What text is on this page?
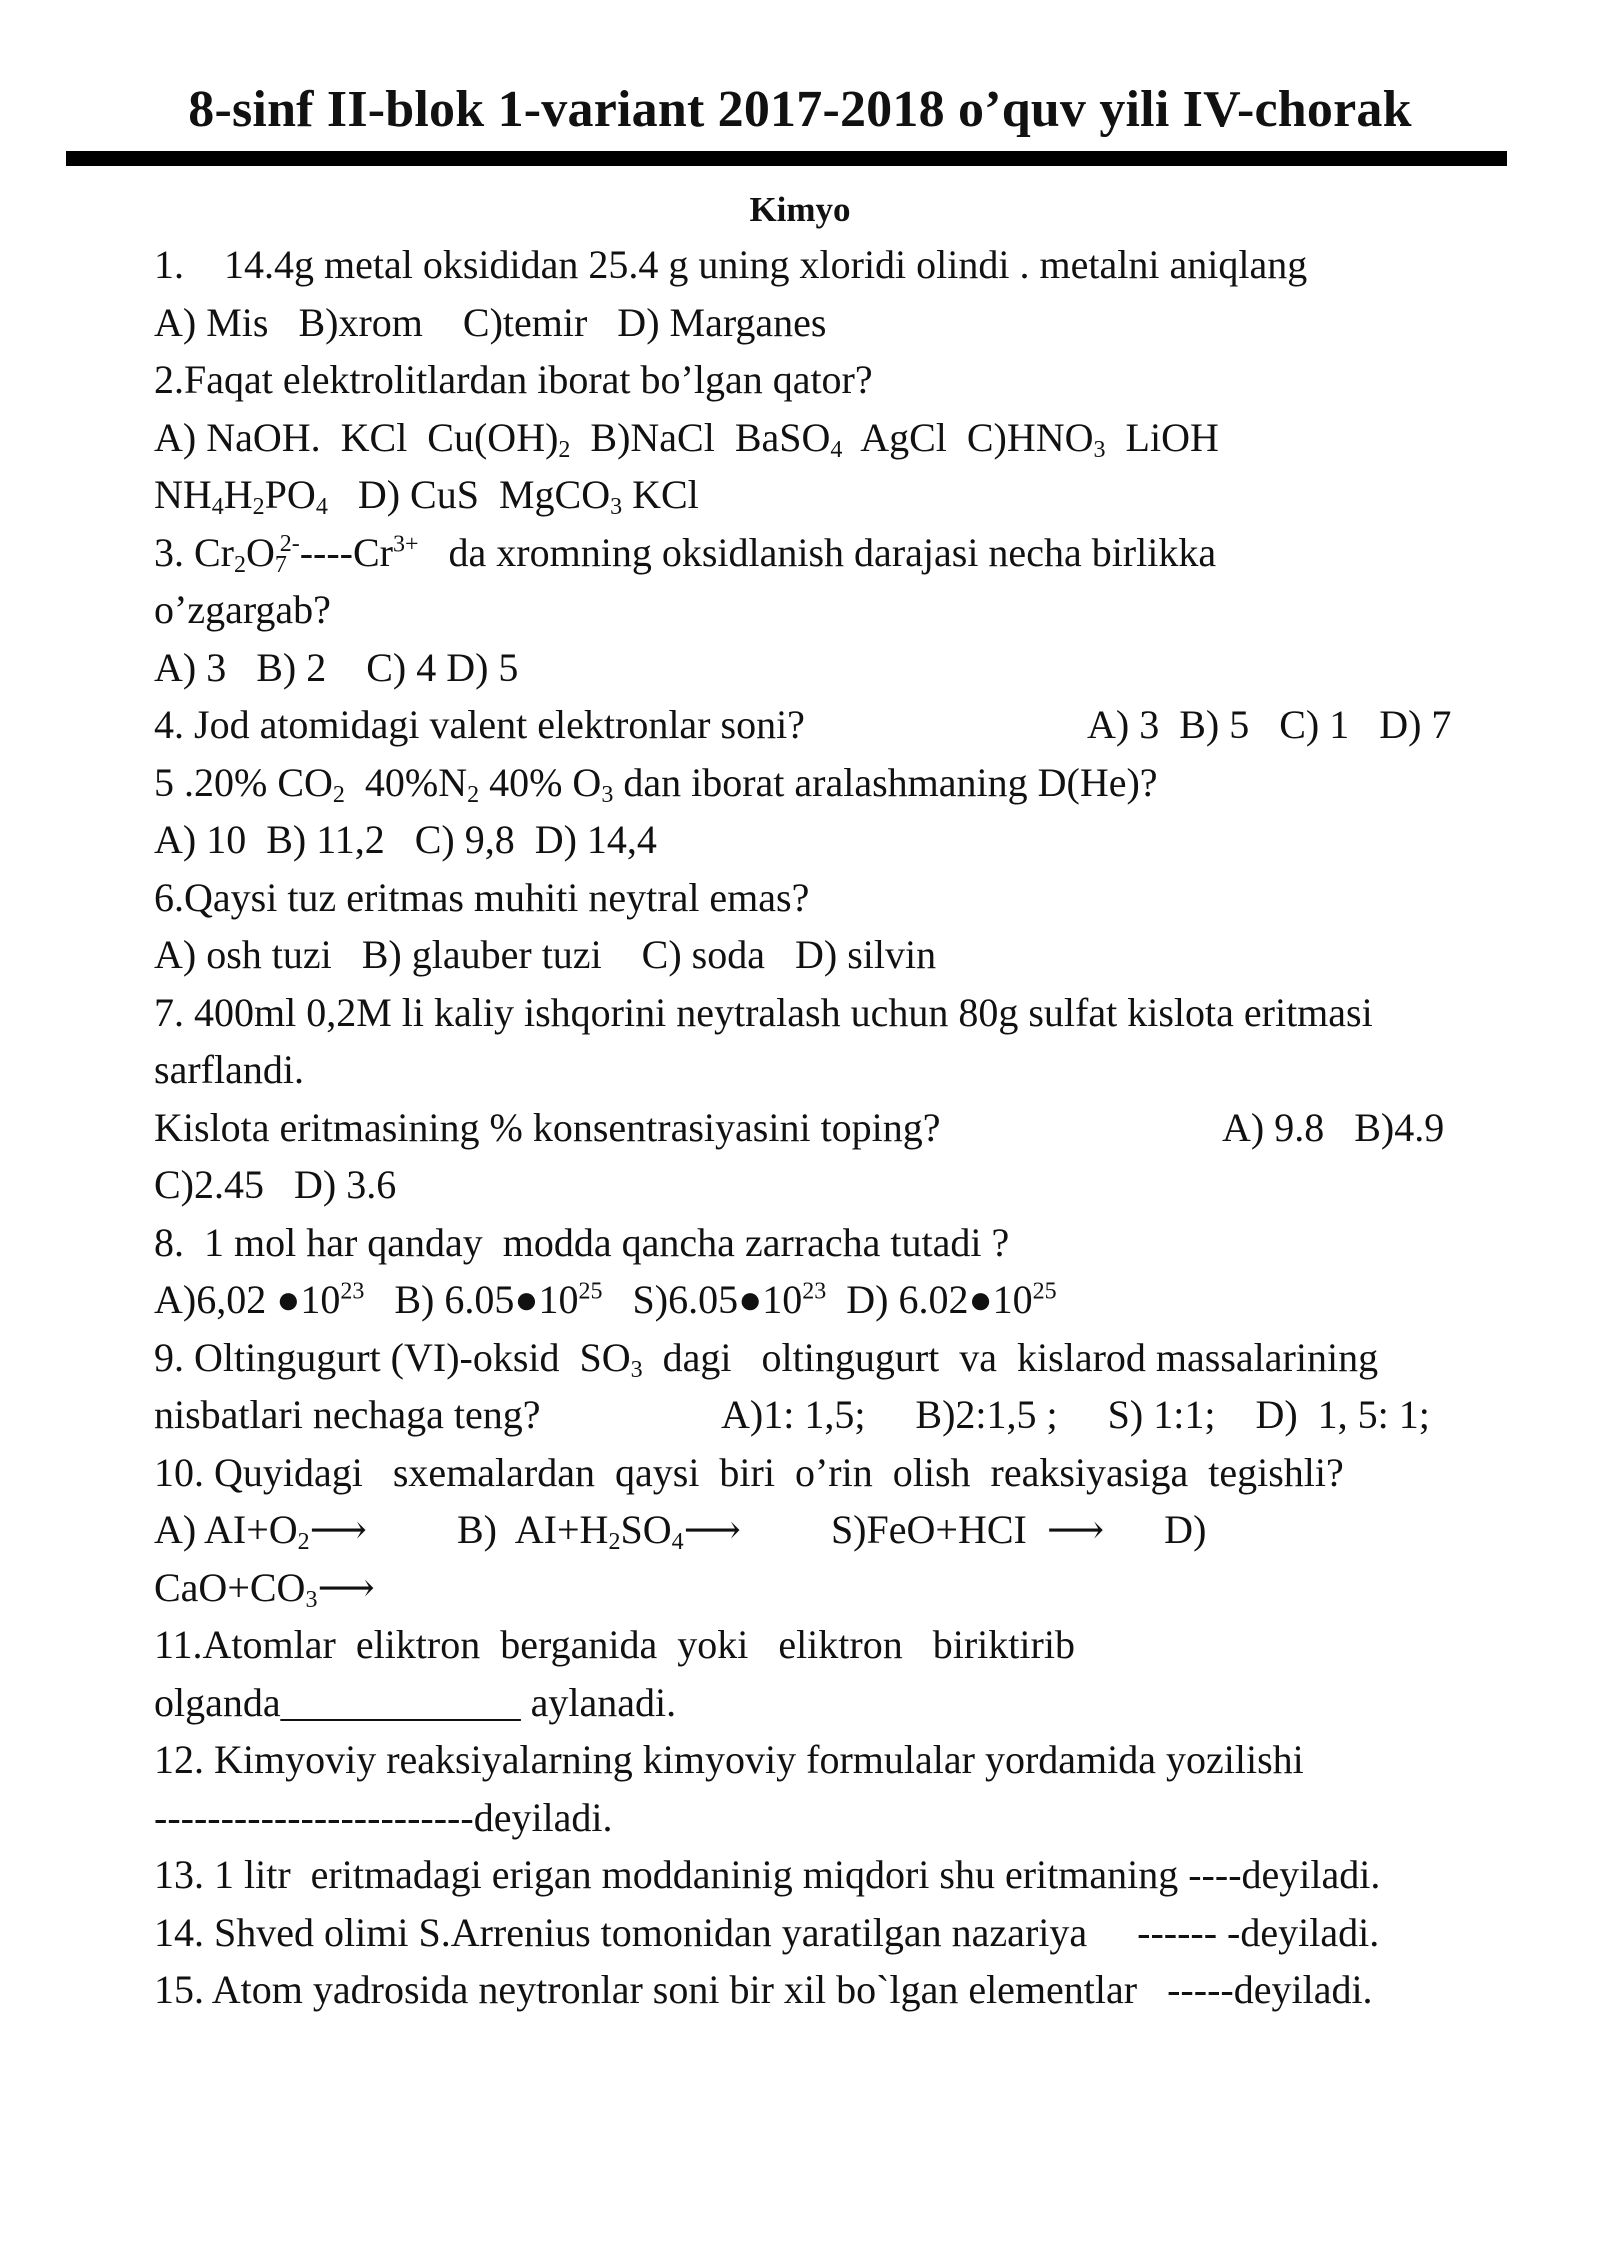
8-sinf II-blok 1-variant 2017-2018 o’quv yili IV-chorak
Kimyo
1.    14.4g metal oksididan 25.4 g uning xloridi olindi . metalni aniqlang
A) Mis   B)xrom    C)temir   D) Marganes
2.Faqat elektrolitlardan iborat bo’lgan qator?
A) NaOH.  KCl  $Cu(OH)_2$  B)NaCl  BaSO$_4$  AgCl  $C)HNO_3$  LiOH
$NH_4H_2PO_4$   D) CuS  MgCO$_3$ KCl
3. $Cr_2O_7^{2-}----Cr^{3+}$   da xromning oksidlanish darajasi necha birlikka
o’zgargab?
A) 3   B) 2    C) 4 D) 5
4. Jod atomidagi valent elektronlar soni?	A) 3  B) 5   C) 1   D) 7
5 .20% $CO_2$  $40\%N_2$ 40% $O_3$ dan iborat aralashmaning D(He)?
A) 10  B) 11,2   C) 9,8  D) 14,4
6.Qaysi tuz eritmas muhiti neytral emas?
A) osh tuzi   B) glauber tuzi    C) soda   D) silvin
7. 400ml 0,2M li kaliy ishqorini neytralash uchun 80g sulfat kislota eritmasi
sarflandi.
Kislota eritmasining % konsentrasiyasini toping?	A) 9.8   B)4.9
C)2.45   D) 3.6
8.  1 mol har qanday  modda qancha zarracha tutadi ?
A)6,02 $●10^{23}$   B) $6.05●10^{25}$   $S)6.05●10^{23}$  D) $6.02●10^{25}$
9. Oltingugurt (VI)-oksid  $SO_3$  dagi   oltingugurt  va  kislarod massalarining
nisbatlari nechaga teng?	A)1: 1,5;     B)2:1,5 ;     S) 1:1;    D)  1, 5: 1;
10. Quyidagi   sxemalardan  qaysi  biri  o’rin  olish  reaksiyasiga  tegishli?
A) $AI+O_2⟶$         B)  $AI+H_2SO_4⟶$         S)FeO+HCI  ⟶      D)
$CaO+CO_3⟶$
11.Atomlar  eliktron  berganida  yoki   eliktron   biriktirib
olganda____________ aylanadi.
12. Kimyoviy reaksiyalarning kimyoviy formulalar yordamida yozilishi
------------------------deyiladi.
13. 1 litr  eritmadagi erigan moddaninig miqdori shu eritmaning ----deyiladi.
14. Shved olimi S.Arrenius tomonidan yaratilgan nazariya     ------ -deyiladi.
15. Atom yadrosida neytronlar soni bir xil bo`lgan elementlar   -----deyiladi.
